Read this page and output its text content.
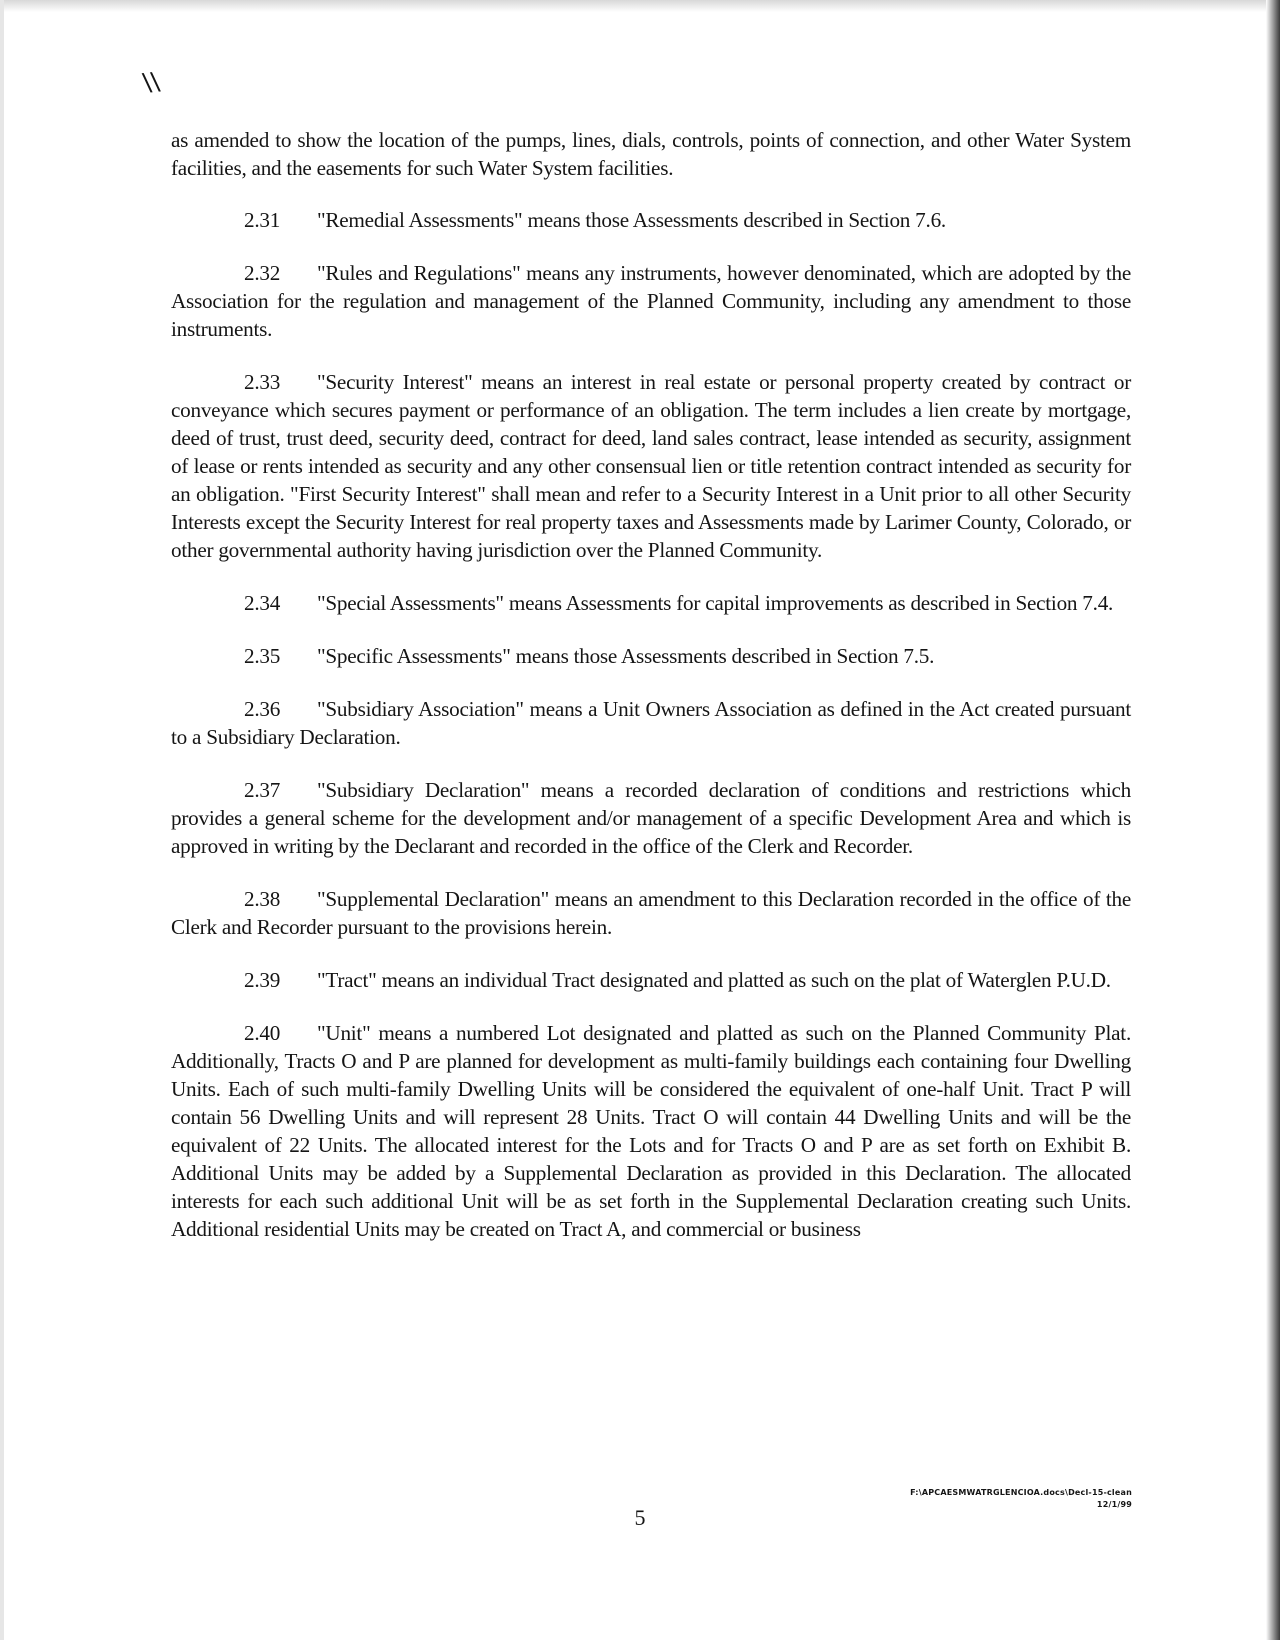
\\

as amended to show the location of the pumps, lines, dials, controls, points of connection, and other Water System facilities, and the easements for such Water System facilities.

2.31 "Remedial Assessments" means those Assessments described in Section 7.6.

2.32 "Rules and Regulations" means any instruments, however denominated, which are adopted by the Association for the regulation and management of the Planned Community, including any amendment to those instruments.

2.33 "Security Interest" means an interest in real estate or personal property created by contract or conveyance which secures payment or performance of an obligation. The term includes a lien create by mortgage, deed of trust, trust deed, security deed, contract for deed, land sales contract, lease intended as security, assignment of lease or rents intended as security and any other consensual lien or title retention contract intended as security for an obligation. "First Security Interest" shall mean and refer to a Security Interest in a Unit prior to all other Security Interests except the Security Interest for real property taxes and Assessments made by Larimer County, Colorado, or other governmental authority having jurisdiction over the Planned Community.

2.34 "Special Assessments" means Assessments for capital improvements as described in Section 7.4.

2.35 "Specific Assessments" means those Assessments described in Section 7.5.

2.36 "Subsidiary Association" means a Unit Owners Association as defined in the Act created pursuant to a Subsidiary Declaration.

2.37 "Subsidiary Declaration" means a recorded declaration of conditions and restrictions which provides a general scheme for the development and/or management of a specific Development Area and which is approved in writing by the Declarant and recorded in the office of the Clerk and Recorder.

2.38 "Supplemental Declaration" means an amendment to this Declaration recorded in the office of the Clerk and Recorder pursuant to the provisions herein.

2.39 "Tract" means an individual Tract designated and platted as such on the plat of Waterglen P.U.D.

2.40 "Unit" means a numbered Lot designated and platted as such on the Planned Community Plat. Additionally, Tracts O and P are planned for development as multi-family buildings each containing four Dwelling Units. Each of such multi-family Dwelling Units will be considered the equivalent of one-half Unit. Tract P will contain 56 Dwelling Units and will represent 28 Units. Tract O will contain 44 Dwelling Units and will be the equivalent of 22 Units. The allocated interest for the Lots and for Tracts O and P are as set forth on Exhibit B. Additional Units may be added by a Supplemental Declaration as provided in this Declaration. The allocated interests for each such additional Unit will be as set forth in the Supplemental Declaration creating such Units. Additional residential Units may be created on Tract A, and commercial or business

F:\APCAESMWATRGLENCIOA.docs\Decl-15-clean
12/1/99
5
